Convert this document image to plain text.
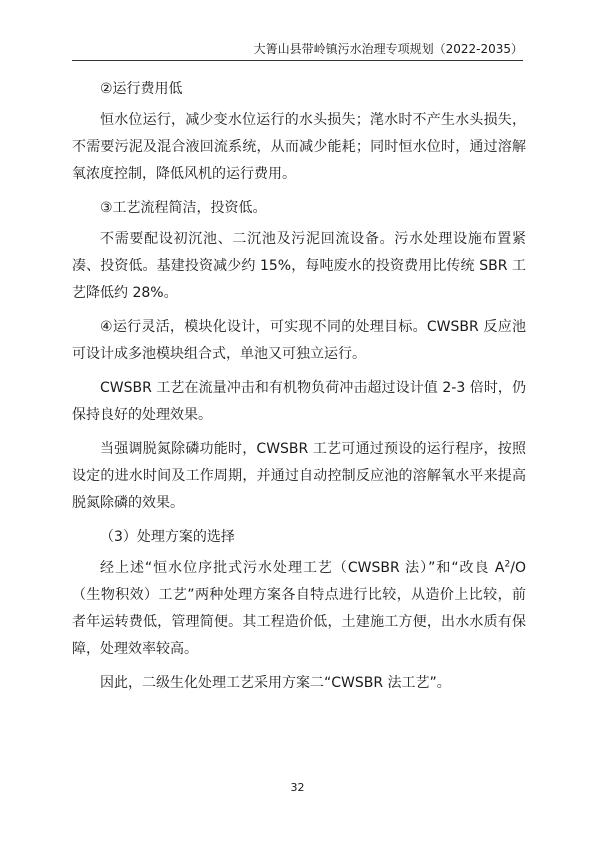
大箐山县带岭镇污水治理专项规划（2022-2035）

②运行费用低

恒水位运行，减少变水位运行的水头损失；滗水时不产生水头损失，不需要污泥及混合液回流系统，从而减少能耗；同时恒水位时，通过溶解氧浓度控制，降低风机的运行费用。

③工艺流程简洁，投资低。

不需要配设初沉池、二沉池及污泥回流设备。污水处理设施布置紧凑、投资低。基建投资减少约 15%，每吨废水的投资费用比传统 SBR 工艺降低约 28%。

④运行灵活，模块化设计，可实现不同的处理目标。CWSBR 反应池可设计成多池模块组合式，单池又可独立运行。

CWSBR 工艺在流量冲击和有机物负荷冲击超过设计值 2-3 倍时，仍保持良好的处理效果。

当强调脱氮除磷功能时，CWSBR 工艺可通过预设的运行程序，按照设定的进水时间及工作周期，并通过自动控制反应池的溶解氧水平来提高脱氮除磷的效果。

（3）处理方案的选择

经上述“恒水位序批式污水处理工艺（CWSBR 法）”和“改良 $A^2/O$（生物积效）工艺”两种处理方案各自特点进行比较，从造价上比较，前者年运转费低，管理简便。其工程造价低，土建施工方便，出水水质有保障，处理效率较高。

因此，二级生化处理工艺采用方案二“CWSBR 法工艺”。

32
